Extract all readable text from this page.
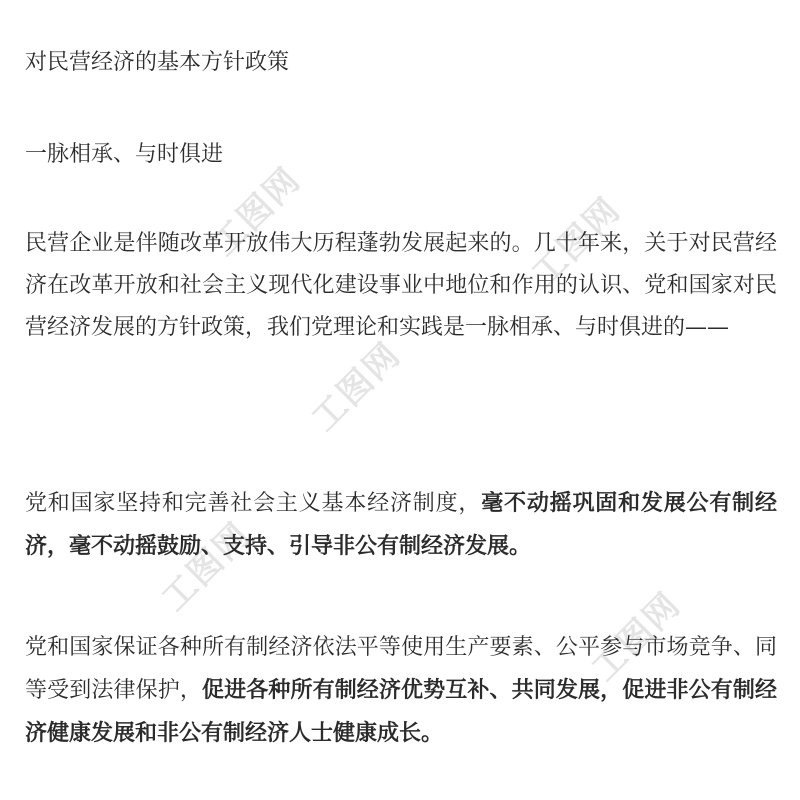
工图网	工图网
工图网
工图网
工图网
对民营经济的基本方针政策
一脉相承、与时俱进

民营企业是伴随改革开放伟大历程蓬勃发展起来的。几十年来，关于对民营经济在改革开放和社会主义现代化建设事业中地位和作用的认识、党和国家对民营经济发展的方针政策，我们党理论和实践是一脉相承、与时俱进的——

党和国家坚持和完善社会主义基本经济制度，毫不动摇巩固和发展公有制经济，毫不动摇鼓励、支持、引导非公有制经济发展。

党和国家保证各种所有制经济依法平等使用生产要素、公平参与市场竞争、同等受到法律保护，促进各种所有制经济优势互补、共同发展，促进非公有制经济健康发展和非公有制经济人士健康成长。
